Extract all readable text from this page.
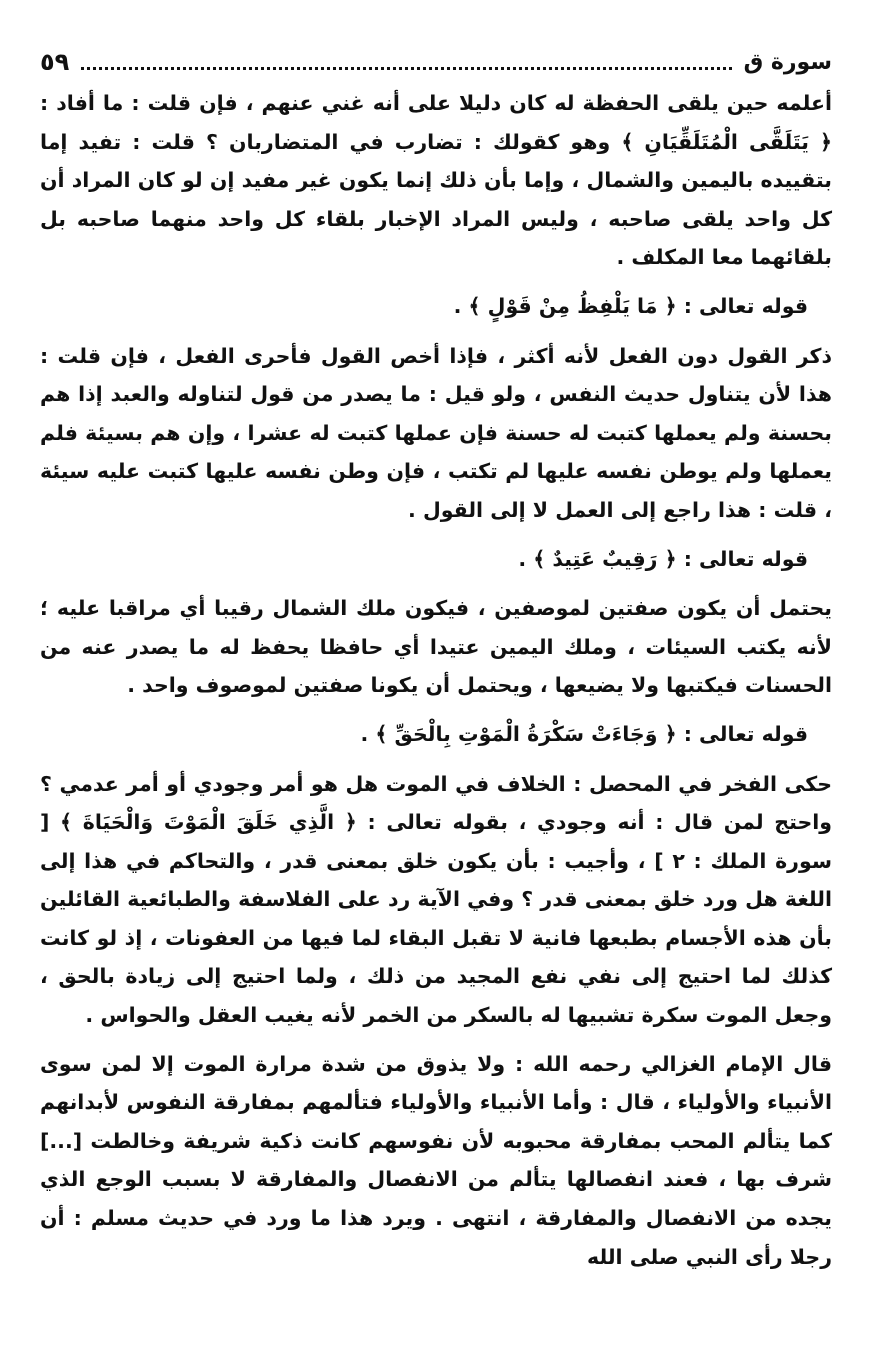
سورة ق
٥٩

أعلمه حين يلقى الحفظة له كان دليلا على أنه غني عنهم ، فإن قلت : ما أفاد : ﴿ يَتَلَقَّى الْمُتَلَقِّيَانِ ﴾ وهو كقولك : تضارب في المتضاربان ؟ قلت : تفيد إما بتقييده باليمين والشمال ، وإما بأن ذلك إنما يكون غير مفيد إن لو كان المراد أن كل واحد يلقى صاحبه ، وليس المراد الإخبار بلقاء كل واحد منهما صاحبه بل بلقائهما معا المكلف .

قوله تعالى : ﴿ مَا يَلْفِظُ مِنْ قَوْلٍ ﴾ .

ذكر القول دون الفعل لأنه أكثر ، فإذا أخص القول فأحرى الفعل ، فإن قلت : هذا لأن يتناول حديث النفس ، ولو قيل : ما يصدر من قول لتناوله والعبد إذا هم بحسنة ولم يعملها كتبت له حسنة فإن عملها كتبت له عشرا ، وإن هم بسيئة فلم يعملها ولم يوطن نفسه عليها لم تكتب ، فإن وطن نفسه عليها كتبت عليه سيئة ، قلت : هذا راجع إلى العمل لا إلى القول .

قوله تعالى : ﴿ رَقِيبٌ عَتِيدٌ ﴾ .

يحتمل أن يكون صفتين لموصفين ، فيكون ملك الشمال رقيبا أي مراقبا عليه ؛ لأنه يكتب السيئات ، وملك اليمين عتيدا أي حافظا يحفظ له ما يصدر عنه من الحسنات فيكتبها ولا يضيعها ، ويحتمل أن يكونا صفتين لموصوف واحد .

قوله تعالى : ﴿ وَجَاءَتْ سَكْرَةُ الْمَوْتِ بِالْحَقِّ ﴾ .

حكى الفخر في المحصل : الخلاف في الموت هل هو أمر وجودي أو أمر عدمي ؟ واحتج لمن قال : أنه وجودي ، بقوله تعالى : ﴿ الَّذِي خَلَقَ الْمَوْتَ وَالْحَيَاةَ ﴾ [ سورة الملك : ٢ ] ، وأجيب : بأن يكون خلق بمعنى قدر ، والتحاكم في هذا إلى اللغة هل ورد خلق بمعنى قدر ؟ وفي الآية رد على الفلاسفة والطبائعية القائلين بأن هذه الأجسام بطبعها فانية لا تقبل البقاء لما فيها من العفونات ، إذ لو كانت كذلك لما احتيج إلى نفي نفع المجيد من ذلك ، ولما احتيج إلى زيادة بالحق ، وجعل الموت سكرة تشبيها له بالسكر من الخمر لأنه يغيب العقل والحواس .

قال الإمام الغزالي رحمه الله : ولا يذوق من شدة مرارة الموت إلا لمن سوى الأنبياء والأولياء ، قال : وأما الأنبياء والأولياء فتألمهم بمفارقة النفوس لأبدانهم كما يتألم المحب بمفارقة محبوبه لأن نفوسهم كانت ذكية شريفة وخالطت [...] شرف بها ، فعند انفصالها يتألم من الانفصال والمفارقة لا بسبب الوجع الذي يجده من الانفصال والمفارقة ، انتهى . ويرد هذا ما ورد في حديث مسلم : أن رجلا رأى النبي صلى الله
